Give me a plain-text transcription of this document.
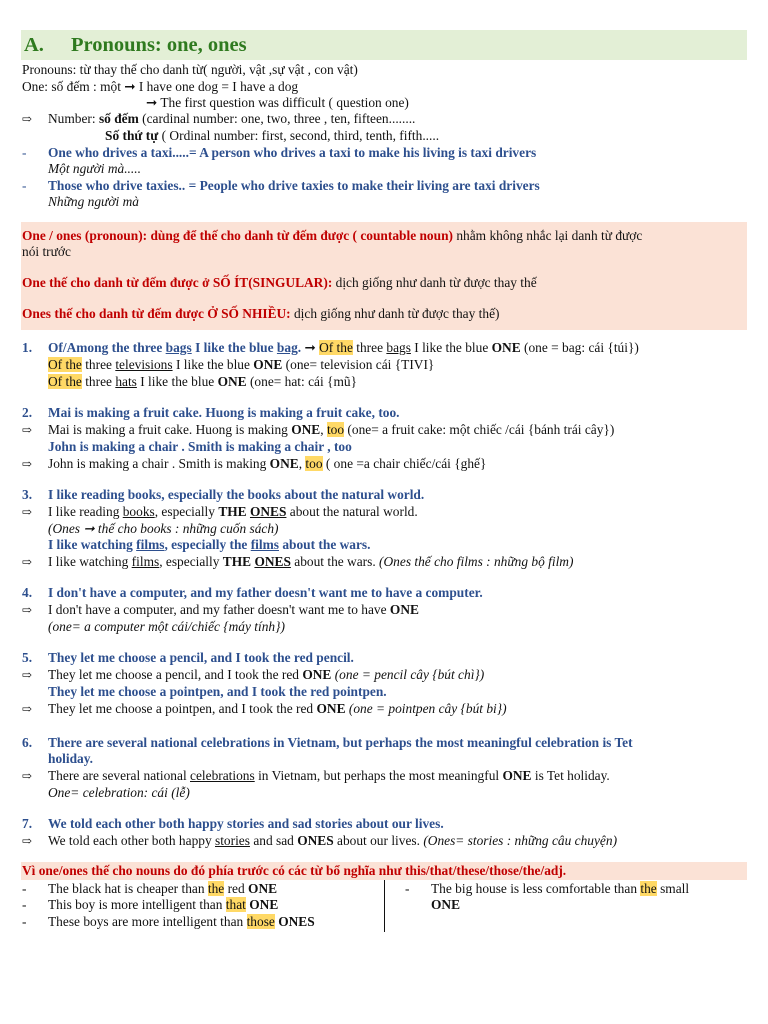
A. Pronouns: one, ones
Pronouns: từ thay thế cho danh từ( người, vật ,sự vật , con vật)
One: số đếm : một ➞ I have one dog = I have a dog
➞ The first question was difficult ( question one)
⇨ Number: số đếm (cardinal number: one, two, three , ten, fifteen........
Số thứ tự ( Ordinal number: first, second, third, tenth, fifth.....
- One who drives a taxi.....= A person who drives a taxi to make his living is taxi drivers
Một người mà.....
- Those who drive taxies.. = People who drive taxies to make their living are taxi drivers
Những người mà
One / ones (pronoun): dùng để thế cho danh từ đếm được ( countable noun) nhằm không nhắc lại danh từ được
nói trước
One thế cho danh từ đếm được ở SỐ ÍT(SINGULAR): dịch giống như danh từ được thay thế
Ones thế cho danh từ đếm được Ở SỐ NHIỀU: dịch giống như danh từ được thay thế)
1. Of/Among the three bags I like the blue bag. ➞ Of the three bags I like the blue ONE (one = bag: cái {túi})
Of the three televisions I like the blue ONE (one= television cái {TIVI}
Of the three hats I like the blue ONE (one= hat: cái {mũ}
2. Mai is making a fruit cake. Huong is making a fruit cake, too.
⇨ Mai is making a fruit cake. Huong is making ONE, too (one= a fruit cake: một chiếc /cái {bánh trái cây})
John is making a chair . Smith is making a chair , too
⇨ John is making a chair . Smith is making ONE, too ( one =a chair chiếc/cái {ghế}
3. I like reading books, especially the books about the natural world.
⇨ I like reading books, especially THE ONES about the natural world.
(Ones ➞ thế cho books : những cuốn sách)
I like watching films, especially the films about the wars.
⇨ I like watching films, especially THE ONES about the wars. (Ones thế cho films : những bộ film)
4. I don't have a computer, and my father doesn't want me to have a computer.
⇨ I don't have a computer, and my father doesn't want me to have ONE
(one= a computer một cái/chiếc {máy tính})
5. They let me choose a pencil, and I took the red pencil.
⇨ They let me choose a pencil, and I took the red ONE (one = pencil cây {bút chì})
They let me choose a pointpen, and I took the red pointpen.
⇨ They let me choose a pointpen, and I took the red ONE (one = pointpen cây {bút bi})
6. There are several national celebrations in Vietnam, but perhaps the most meaningful celebration is Tet
holiday.
⇨ There are several national celebrations in Vietnam, but perhaps the most meaningful ONE is Tet holiday.
One= celebration: cái (lễ)
7. We told each other both happy stories and sad stories about our lives.
⇨ We told each other both happy stories and sad ONES about our lives. (Ones= stories : những câu chuyện)
Vì one/ones thế cho nouns do đó phía trước có các từ bổ nghĩa như this/that/these/those/the/adj.
- The black hat is cheaper than the red ONE
- This boy is more intelligent than that ONE
- These boys are more intelligent than those ONES
- The big house is less comfortable than the small
ONE
